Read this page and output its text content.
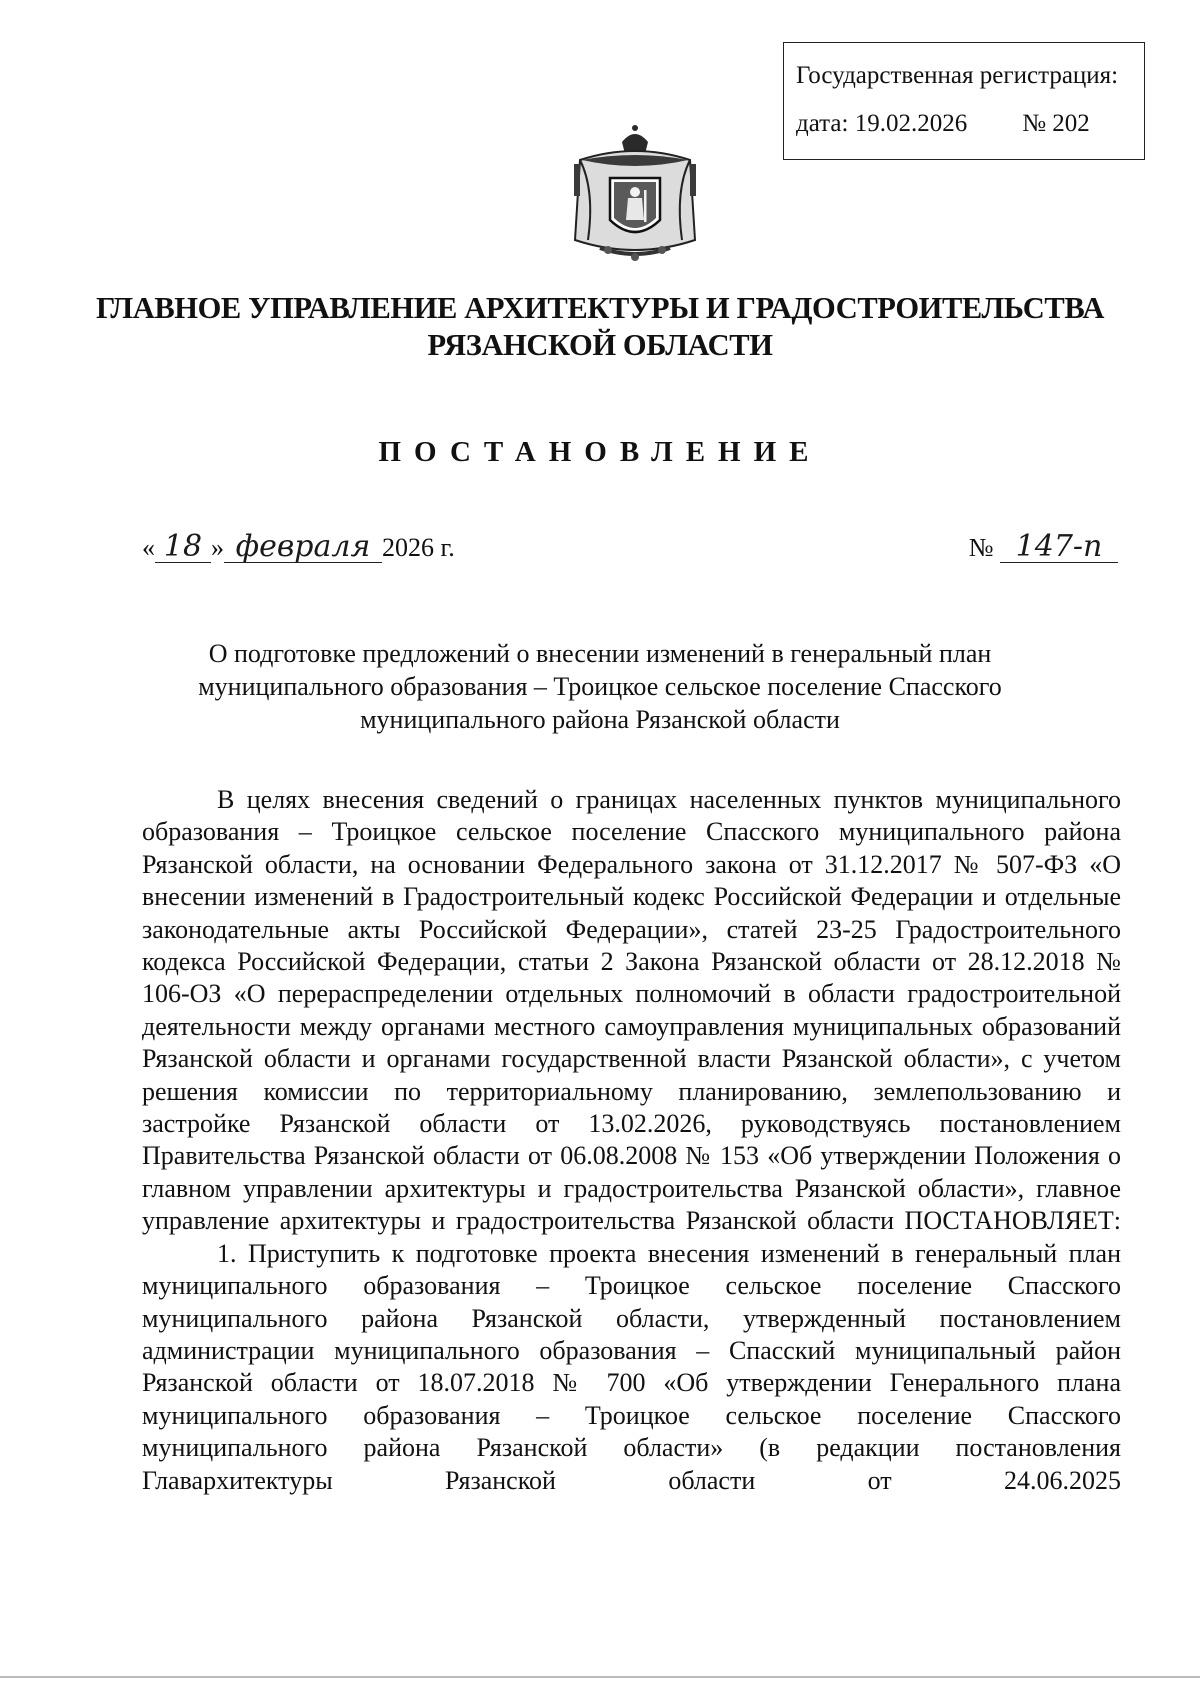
Государственная регистрация:
дата: 19.02.2026 № 202
ГЛАВНОЕ УПРАВЛЕНИЕ АРХИТЕКТУРЫ И ГРАДОСТРОИТЕЛЬСТВА
РЯЗАНСКОЙ ОБЛАСТИ
ПОСТАНОВЛЕНИЕ
« 18 » февраля 2026 г.	№ 147-п
О подготовке предложений о внесении изменений в генеральный план муниципального образования – Троицкое сельское поселение Спасского муниципального района Рязанской области

В целях внесения сведений о границах населенных пунктов муниципального образования – Троицкое сельское поселение Спасского муниципального района Рязанской области, на основании Федерального закона от 31.12.2017 № 507-ФЗ «О внесении изменений в Градостроительный кодекс Российской Федерации и отдельные законодательные акты Российской Федерации», статей 23-25 Градостроительного кодекса Российской Федерации, статьи 2 Закона Рязанской области от 28.12.2018 № 106-ОЗ «О перераспределении отдельных полномочий в области градостроительной деятельности между органами местного самоуправления муниципальных образований Рязанской области и органами государственной власти Рязанской области», с учетом решения комиссии по территориальному планированию, землепользованию и застройке Рязанской области от 13.02.2026, руководствуясь постановлением Правительства Рязанской области от 06.08.2008 № 153 «Об утверждении Положения о главном управлении архитектуры и градостроительства Рязанской области», главное управление архитектуры и градостроительства Рязанской области ПОСТАНОВЛЯЕТ:

1. Приступить к подготовке проекта внесения изменений в генеральный план муниципального образования – Троицкое сельское поселение Спасского муниципального района Рязанской области, утвержденный постановлением администрации муниципального образования – Спасский муниципальный район Рязанской области от 18.07.2018 № 700 «Об утверждении Генерального плана муниципального образования – Троицкое сельское поселение Спасского муниципального района Рязанской области» (в редакции постановления Главархитектуры Рязанской области от 24.06.2025
